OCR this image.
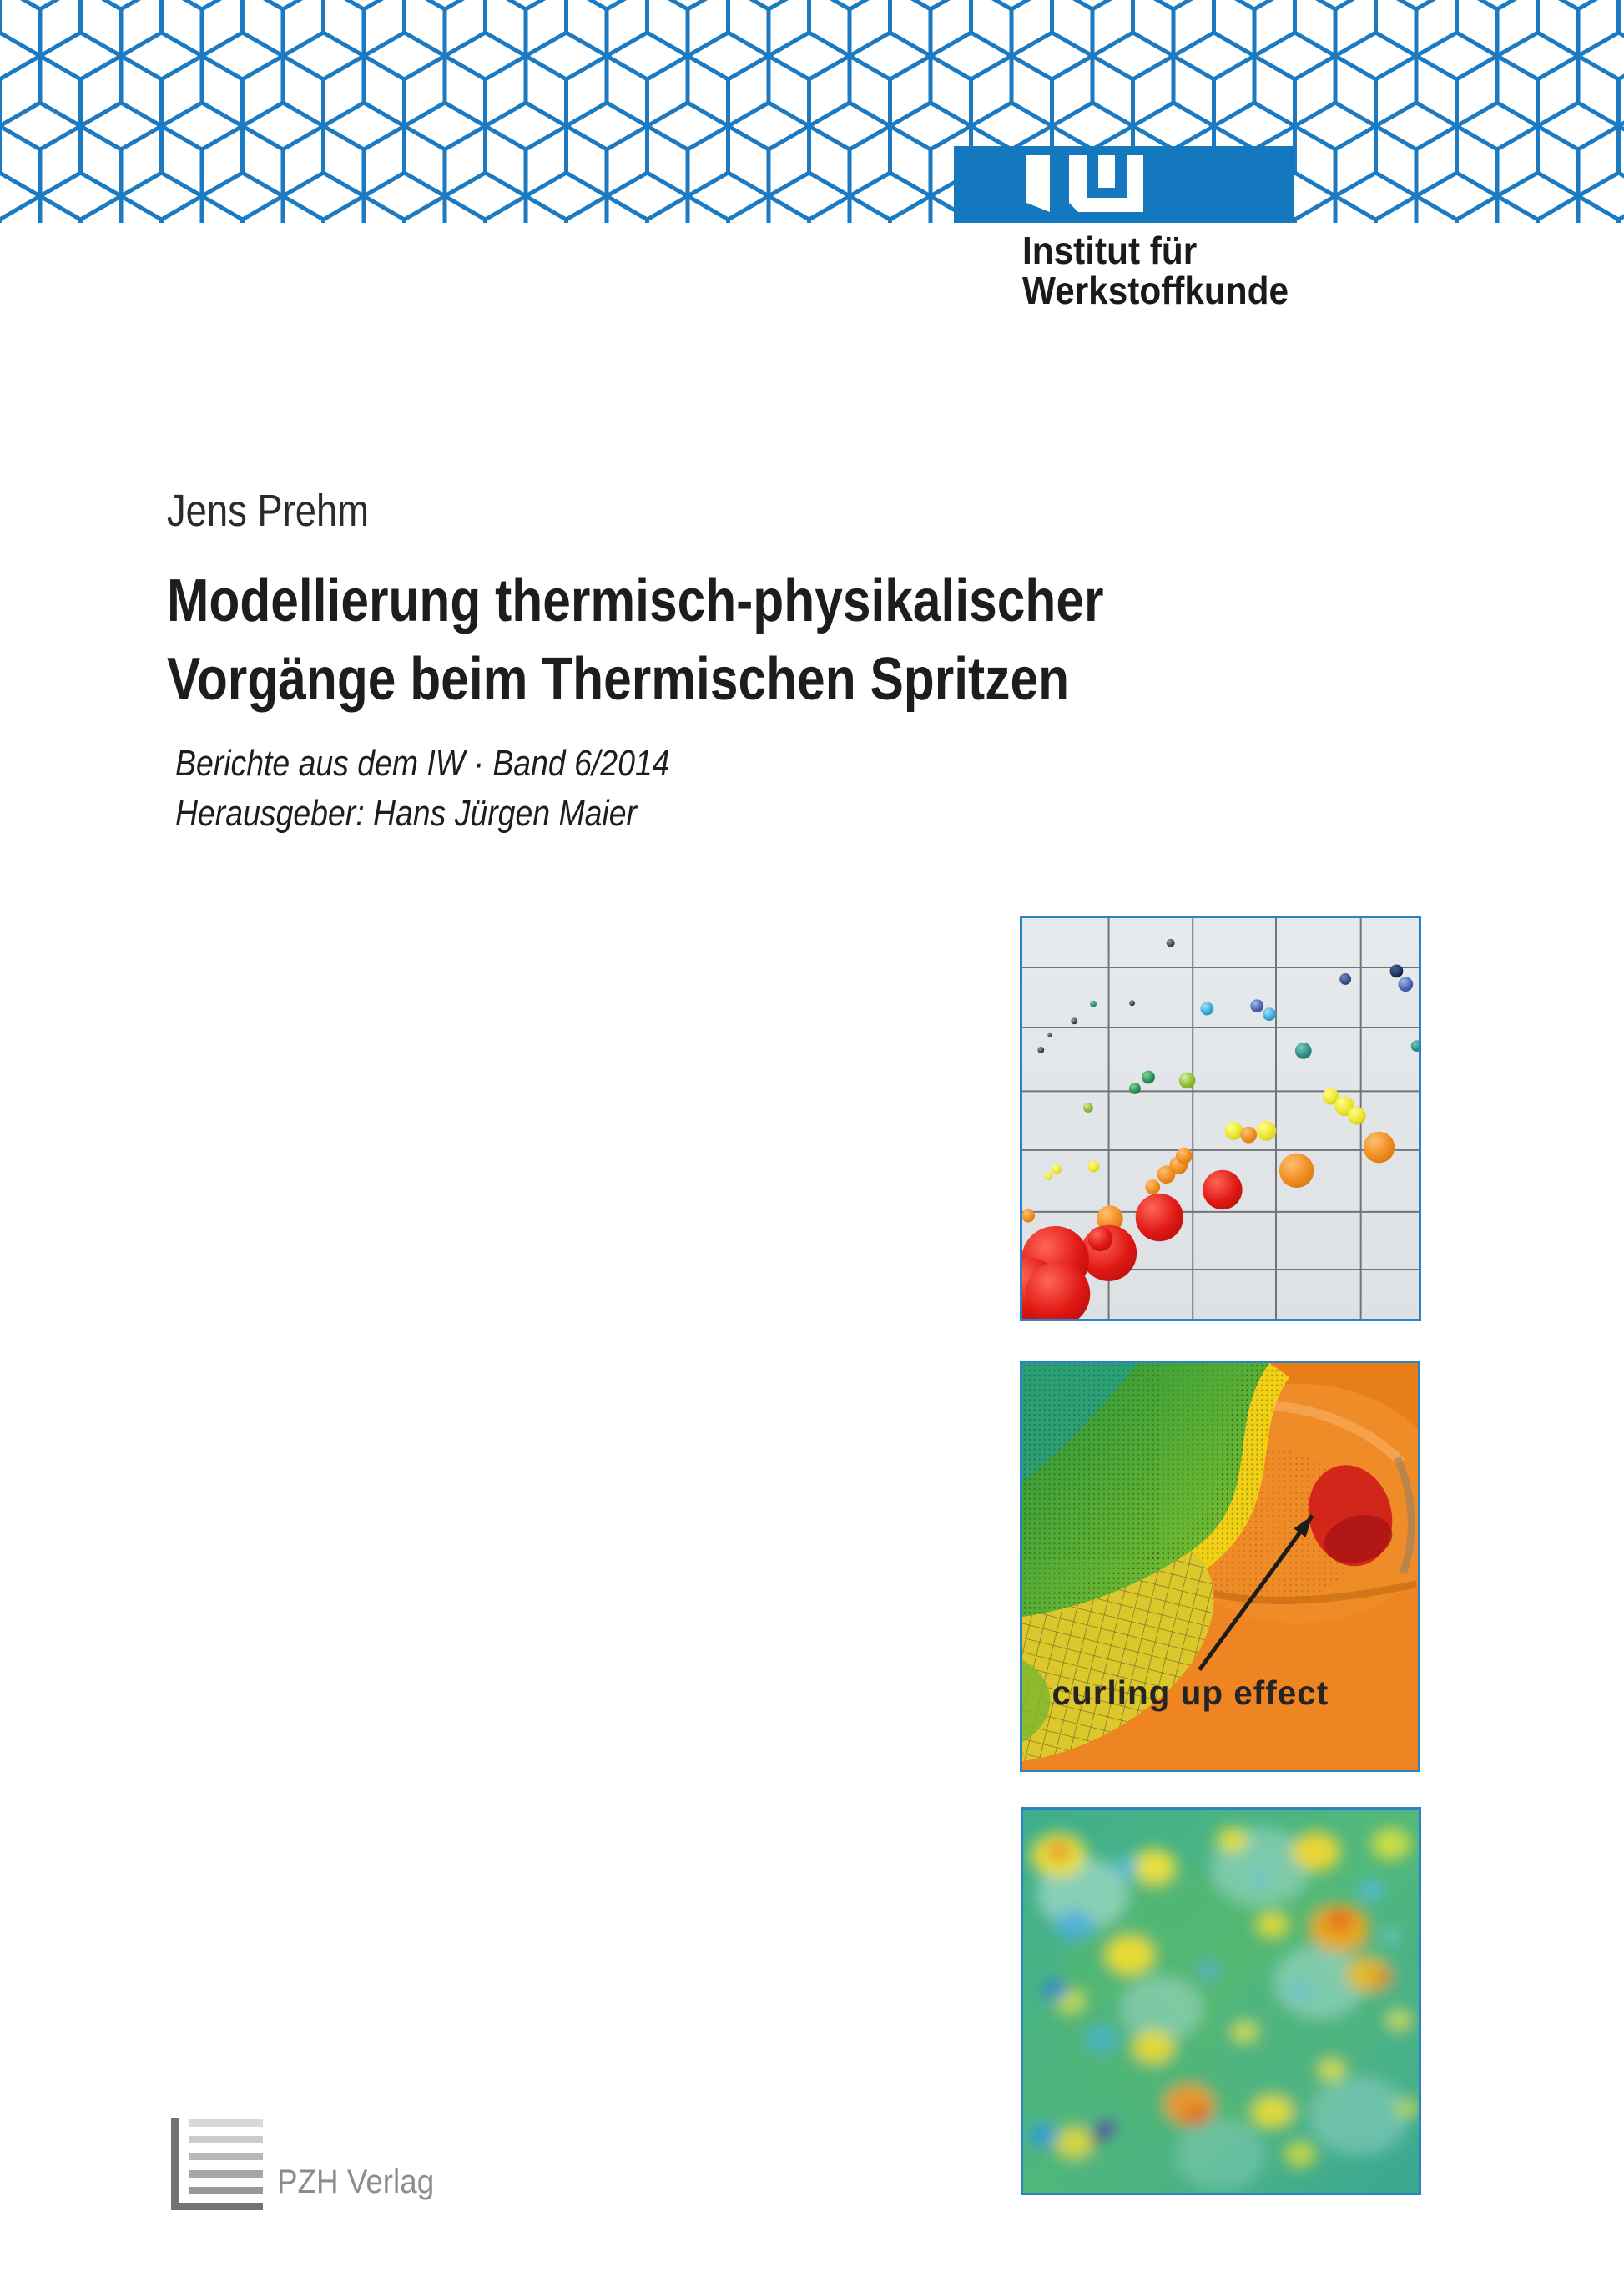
Institut für
Werkstoffkunde
Jens Prehm
Modellierung thermisch-physikalischer
Vorgänge beim Thermischen Spritzen
Berichte aus dem IW · Band 6/2014
Herausgeber: Hans Jürgen Maier
curling up effect
PZH Verlag
